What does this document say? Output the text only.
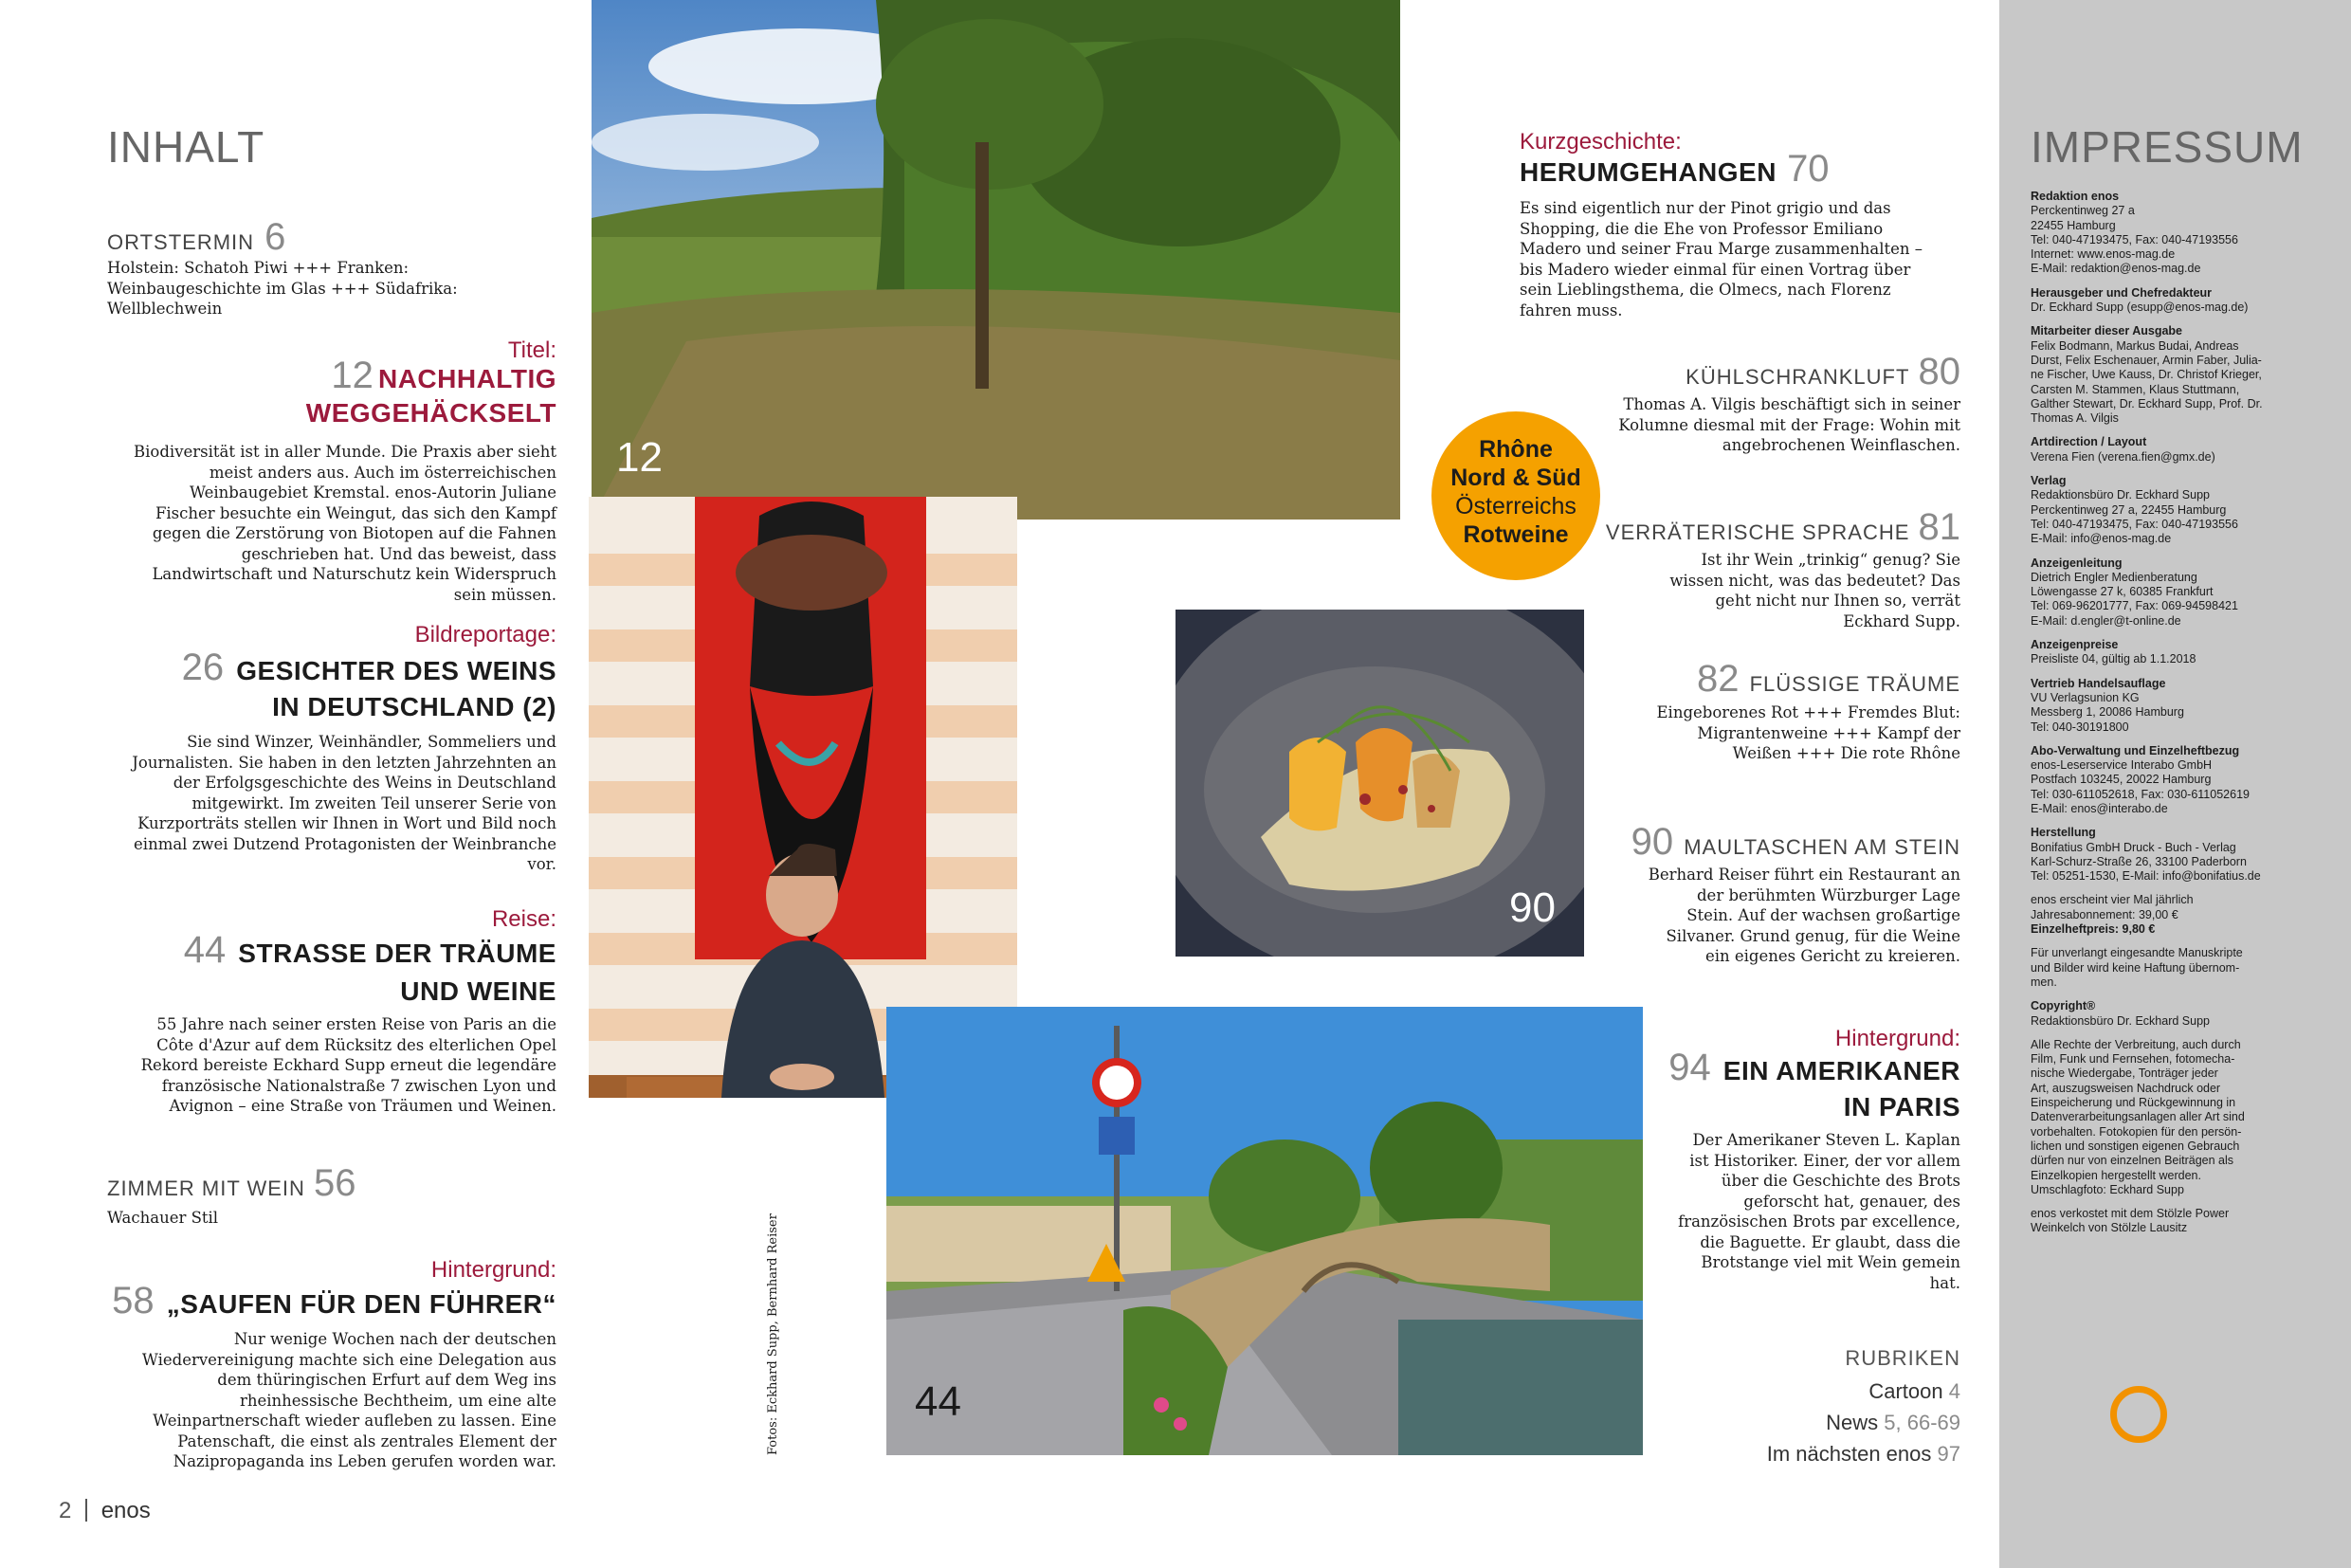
INHALT
ORTSTERMIN 6
Holstein: Schatoh Piwi +++ Franken: Weinbaugeschichte im Glas +++ Südafrika: Wellblechwein
Titel:
12 NACHHALTIG
WEGGEHÄCKSELT
Biodiversität ist in aller Munde. Die Praxis aber sieht meist anders aus. Auch im österreichischen Weinbaugebiet Kremstal. enos-Autorin Juliane Fischer besuchte ein Weingut, das sich den Kampf gegen die Zerstörung von Biotopen auf die Fahnen geschrieben hat. Und das beweist, dass Landwirtschaft und Naturschutz kein Widerspruch sein müssen.
Bildreportage:
26 GESICHTER DES WEINS
IN DEUTSCHLAND (2)
Sie sind Winzer, Weinhändler, Sommeliers und Journalisten. Sie haben in den letzten Jahrzehnten an der Erfolgsgeschichte des Weins in Deutschland mitgewirkt. Im zweiten Teil unserer Serie von Kurzporträts stellen wir Ihnen in Wort und Bild noch einmal zwei Dutzend Protagonisten der Weinbranche vor.
Reise:
44 STRASSE DER TRÄUME
UND WEINE
55 Jahre nach seiner ersten Reise von Paris an die Côte d'Azur auf dem Rücksitz des elterlichen Opel Rekord bereiste Eckhard Supp erneut die legendäre französische Nationalstraße 7 zwischen Lyon und Avignon – eine Straße von Träumen und Weinen.
ZIMMER MIT WEIN 56
Wachauer Stil
Hintergrund:
58 „SAUFEN FÜR DEN FÜHRER“
Nur wenige Wochen nach der deutschen Wiedervereinigung machte sich eine Delegation aus dem thüringischen Erfurt auf dem Weg ins rheinhessische Bechtheim, um eine alte Weinpartnerschaft wieder aufleben zu lassen. Eine Patenschaft, die einst als zentrales Element der Nazipropaganda ins Leben gerufen worden war.
2 enos
12
90
44
Fotos: Eckhard Supp, Bernhard Reiser
Rhône
Nord & Süd
Österreichs
Rotweine
Kurzgeschichte:
HERUMGEHANGEN 70
Es sind eigentlich nur der Pinot grigio und das Shopping, die die Ehe von Professor Emiliano Madero und seiner Frau Marge zusammenhalten – bis Madero wieder einmal für einen Vortrag über sein Lieblingsthema, die Olmecs, nach Florenz fahren muss.
KÜHLSCHRANKLUFT 80
Thomas A. Vilgis beschäftigt sich in seiner Kolumne diesmal mit der Frage: Wohin mit angebrochenen Weinflaschen.
VERRÄTERISCHE SPRACHE 81
Ist ihr Wein „trinkig“ genug? Sie wissen nicht, was das bedeutet? Das geht nicht nur Ihnen so, verrät Eckhard Supp.
82 FLÜSSIGE TRÄUME
Eingeborenes Rot +++ Fremdes Blut: Migrantenweine +++ Kampf der Weißen +++ Die rote Rhône
90 MAULTASCHEN AM STEIN
Berhard Reiser führt ein Restaurant an der berühmten Würzburger Lage Stein. Auf der wachsen großartige Silvaner. Grund genug, für die Weine ein eigenes Gericht zu kreieren.
Hintergrund:
94 EIN AMERIKANER
IN PARIS
Der Amerikaner Steven L. Kaplan ist Historiker. Einer, der vor allem über die Geschichte des Brots geforscht hat, genauer, des französischen Brots par excellence, die Baguette. Er glaubt, dass die Brotstange viel mit Wein gemein hat.
RUBRIKEN
Cartoon 4
News 5, 66-69
Im nächsten enos 97
IMPRESSUM
Redaktion enos
Perckentinweg 27 a
22455 Hamburg
Tel: 040-47193475, Fax: 040-47193556
Internet: www.enos-mag.de
E-Mail: redaktion@enos-mag.de
Herausgeber und Chefredakteur
Dr. Eckhard Supp (esupp@enos-mag.de)
Mitarbeiter dieser Ausgabe
Felix Bodmann, Markus Budai, Andreas
Durst, Felix Eschenauer, Armin Faber, Julia-
ne Fischer, Uwe Kauss, Dr. Christof Krieger,
Carsten M. Stammen, Klaus Stuttmann,
Galther Stewart, Dr. Eckhard Supp, Prof. Dr.
Thomas A. Vilgis
Artdirection / Layout
Verena Fien (verena.fien@gmx.de)
Verlag
Redaktionsbüro Dr. Eckhard Supp
Perckentinweg 27 a, 22455 Hamburg
Tel: 040-47193475, Fax: 040-47193556
E-Mail: info@enos-mag.de
Anzeigenleitung
Dietrich Engler Medienberatung
Löwengasse 27 k, 60385 Frankfurt
Tel: 069-96201777, Fax: 069-94598421
E-Mail: d.engler@t-online.de
Anzeigenpreise
Preisliste 04, gültig ab 1.1.2018
Vertrieb Handelsauflage
VU Verlagsunion KG
Messberg 1, 20086 Hamburg
Tel: 040-30191800
Abo-Verwaltung und Einzelheftbezug
enos-Leserservice Interabo GmbH
Postfach 103245, 20022 Hamburg
Tel: 030-611052618, Fax: 030-611052619
E-Mail: enos@interabo.de
Herstellung
Bonifatius GmbH Druck - Buch - Verlag
Karl-Schurz-Straße 26, 33100 Paderborn
Tel: 05251-1530, E-Mail: info@bonifatius.de
enos erscheint vier Mal jährlich
Jahresabonnement: 39,00 €
Einzelheftpreis: 9,80 €
Für unverlangt eingesandte Manuskripte
und Bilder wird keine Haftung übernom-
men.
Copyright®
Redaktionsbüro Dr. Eckhard Supp
Alle Rechte der Verbreitung, auch durch
Film, Funk und Fernsehen, fotomecha-
nische Wiedergabe, Tonträger jeder
Art, auszugsweisen Nachdruck oder
Einspeicherung und Rückgewinnung in
Datenverarbeitungsanlagen aller Art sind
vorbehalten. Fotokopien für den persön-
lichen und sonstigen eigenen Gebrauch
dürfen nur von einzelnen Beiträgen als
Einzelkopien hergestellt werden.
Umschlagfoto: Eckhard Supp
enos verkostet mit dem Stölzle Power
Weinkelch von Stölzle Lausitz
